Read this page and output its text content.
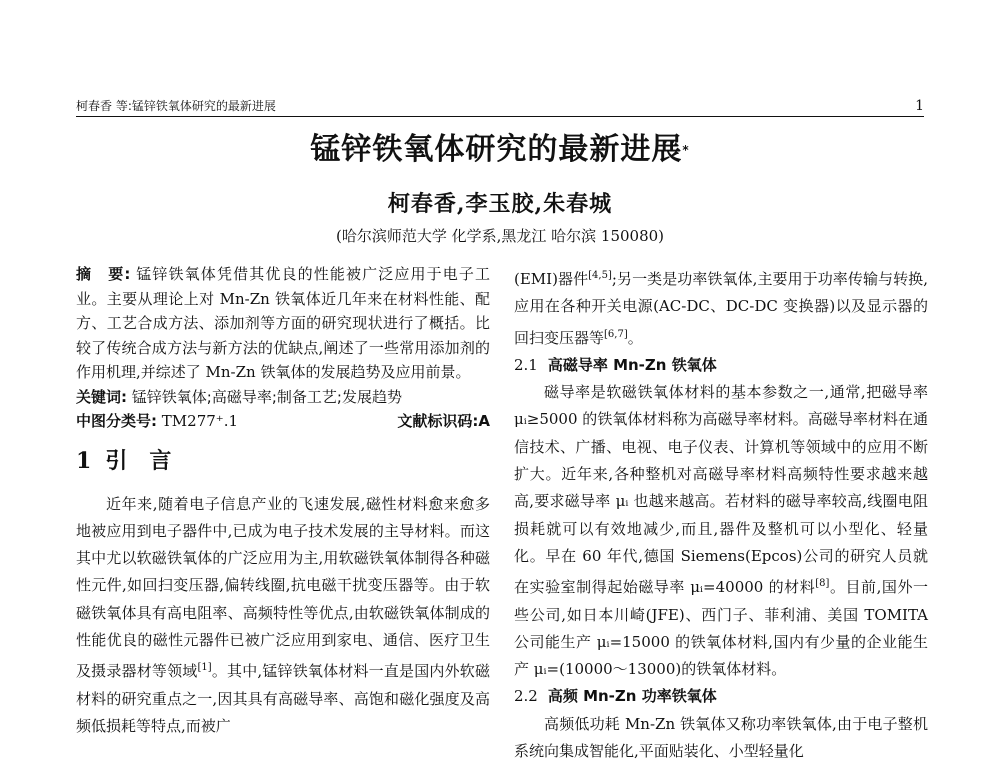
柯春香 等:锰锌铁氧体研究的最新进展	1
锰锌铁氧体研究的最新进展*
柯春香,李玉胶,朱春城
(哈尔滨师范大学 化学系,黑龙江 哈尔滨 150080)
摘　要: 锰锌铁氧体凭借其优良的性能被广泛应用于电子工业。主要从理论上对 Mn-Zn 铁氧体近几年来在材料性能、配方、工艺合成方法、添加剂等方面的研究现状进行了概括。比较了传统合成方法与新方法的优缺点,阐述了一些常用添加剂的作用机理,并综述了 Mn-Zn 铁氧体的发展趋势及应用前景。
关键词: 锰锌铁氧体;高磁导率;制备工艺;发展趋势
中图分类号: TM277⁺.1	文献标识码:A
1 引　言

近年来,随着电子信息产业的飞速发展,磁性材料愈来愈多地被应用到电子器件中,已成为电子技术发展的主导材料。而这其中尤以软磁铁氧体的广泛应用为主,用软磁铁氧体制得各种磁性元件,如回扫变压器,偏转线圈,抗电磁干扰变压器等。由于软磁铁氧体具有高电阻率、高频特性等优点,由软磁铁氧体制成的性能优良的磁性元器件已被广泛应用到家电、通信、医疗卫生及摄录器材等领域[1]。其中,锰锌铁氧体材料一直是国内外软磁材料的研究重点之一,因其具有高磁导率、高饱和磁化强度及高频低损耗等特点,而被广

(EMI)器件[4,5];另一类是功率铁氧体,主要用于功率传输与转换,应用在各种开关电源(AC-DC、DC-DC 变换器)以及显示器的回扫变压器等[6,7]。

2.1 高磁导率 Mn-Zn 铁氧体

磁导率是软磁铁氧体材料的基本参数之一,通常,把磁导率 μᵢ≥5000 的铁氧体材料称为高磁导率材料。高磁导率材料在通信技术、广播、电视、电子仪表、计算机等领域中的应用不断扩大。近年来,各种整机对高磁导率材料高频特性要求越来越高,要求磁导率 μᵢ 也越来越高。若材料的磁导率较高,线圈电阻损耗就可以有效地减少,而且,器件及整机可以小型化、轻量化。早在 60 年代,德国 Siemens(Epcos)公司的研究人员就在实验室制得起始磁导率 μᵢ=40000 的材料[8]。目前,国外一些公司,如日本川崎(JFE)、西门子、菲利浦、美国 TOMITA 公司能生产 μᵢ=15000 的铁氧体材料,国内有少量的企业能生产 μᵢ=(10000～13000)的铁氧体材料。

2.2 高频 Mn-Zn 功率铁氧体

高频低功耗 Mn-Zn 铁氧体又称功率铁氧体,由于电子整机系统向集成智能化,平面贴装化、小型轻量化
